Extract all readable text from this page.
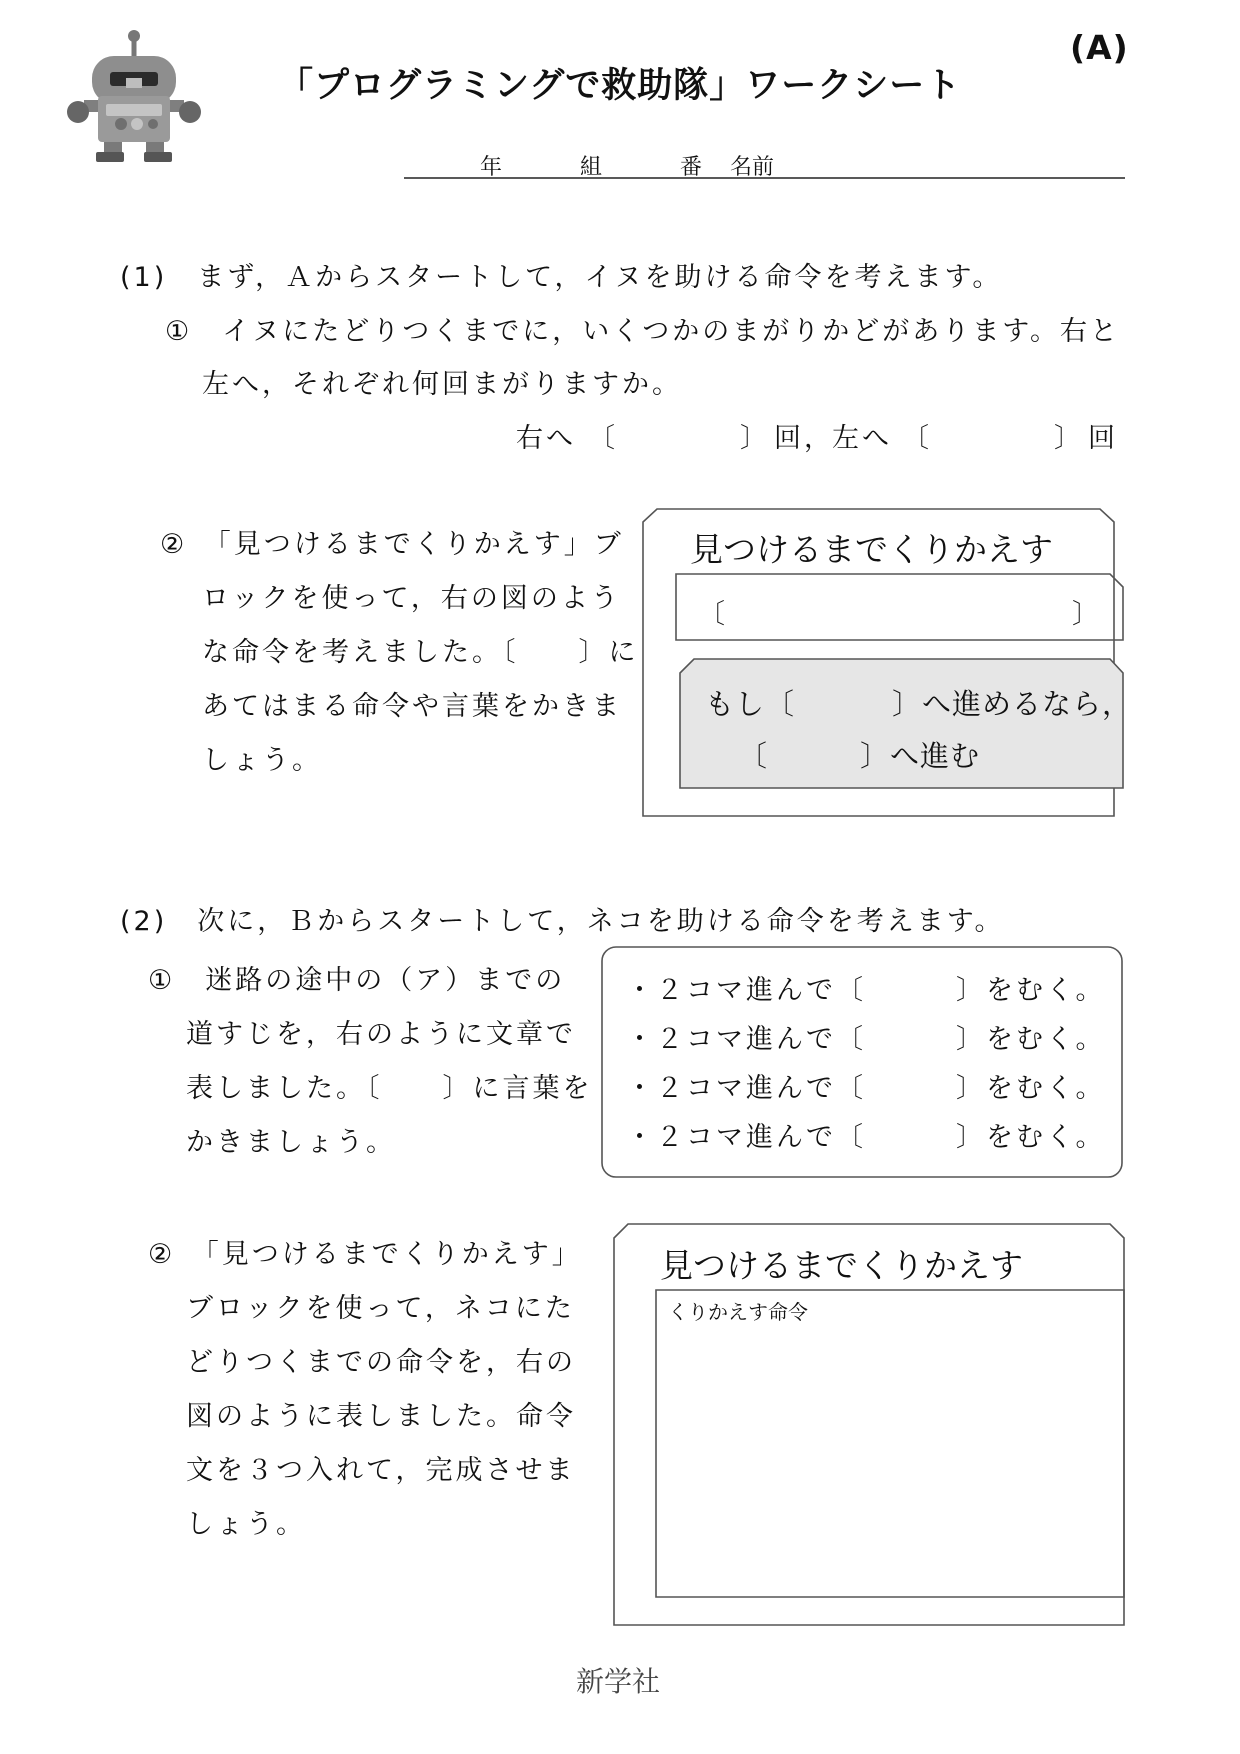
「プログラミングで救助隊」ワークシート
(A)
年	組	番 名前
(1)　まず，Ａからスタートして，イヌを助ける命令を考えます。
①　イヌにたどりつくまでに，いくつかのまがりかどがあります。右と
左へ，それぞれ何回まがりますか。
右へ 〔	〕 回，
左へ 〔	〕 回
②　「見つけるまでくりかえす」ブ
ロックを使って，右の図のよう
な命令を考えました。〔　　〕に
あてはまる命令や言葉をかきま
しょう。
見つけるまでくりかえす
〔	〕
もし〔	〕へ進めるなら，
〔	〕へ進む
(2)　次に，Ｂからスタートして，ネコを助ける命令を考えます。
①　迷路の途中の（ア）までの
道すじを，右のように文章で
表しました。〔　　〕に言葉を
かきましょう。
・２コマ進んで〔	〕をむく。
・２コマ進んで〔	〕をむく。
・２コマ進んで〔	〕をむく。
・２コマ進んで〔	〕をむく。
②　「見つけるまでくりかえす」
ブロックを使って，ネコにた
どりつくまでの命令を，右の
図のように表しました。命令
文を３つ入れて，完成させま
しょう。
見つけるまでくりかえす
くりかえす命令
新学社
